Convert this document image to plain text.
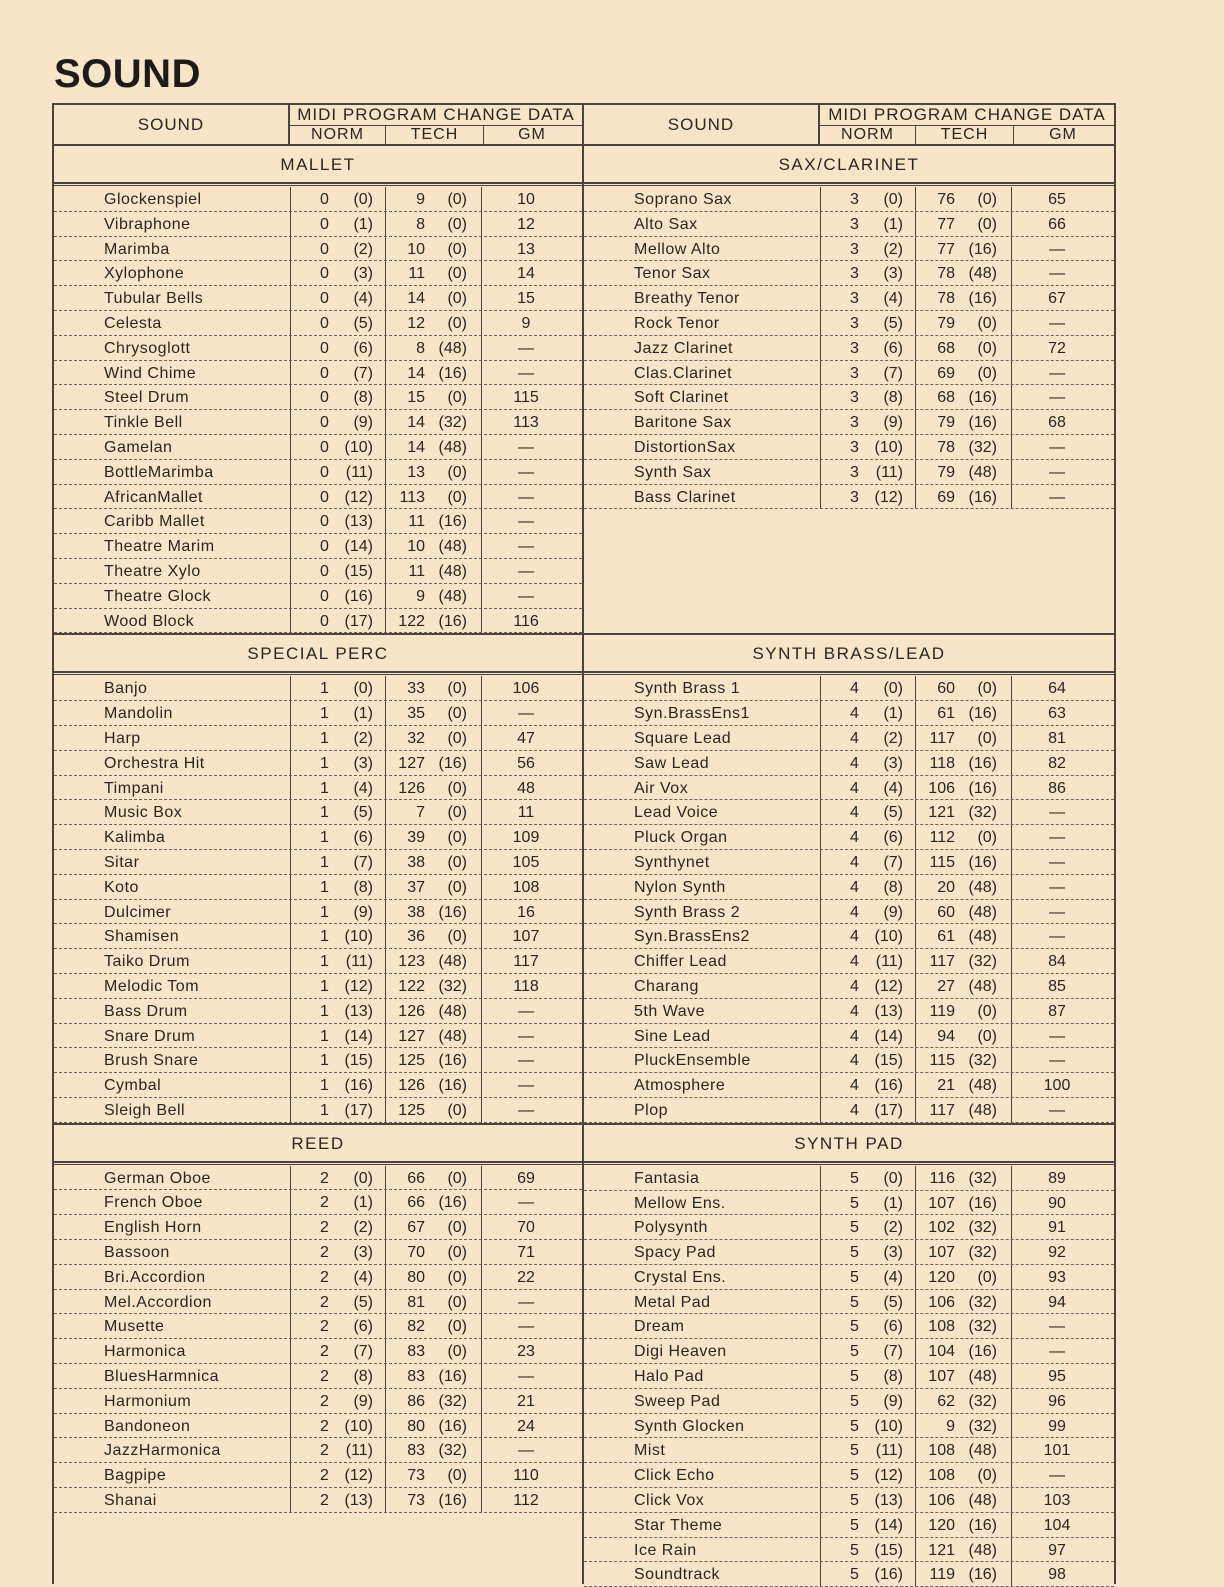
SOUND
SOUND	MIDI PROGRAM CHANGE DATA
NORM	TECH	GM
MALLET
Glockenspiel	0 (0)	9 (0)	10
Vibraphone	0 (1)	8 (0)	12
Marimba	0 (2) 10 (0)	13
Xylophone	0 (3) 11 (0)	14
Tubular Bells	0 (4) 14 (0)	15
Celesta	0 (5) 12 (0)	9
Chrysoglott	0 (6)	8 (48)	—
Wind Chime	0 (7) 14 (16)	—
Steel Drum	0 (8) 15 (0)	115
Tinkle Bell	0 (9) 14 (32)	113
Gamelan	0 (10) 14 (48)	—
BottleMarimba	0 (11) 13 (0)	—
AfricanMallet	0 (12) 113 (0)	—
Caribb Mallet	0 (13) 11 (16)	—
Theatre Marim	0 (14) 10 (48)	—
Theatre Xylo	0 (15) 11 (48)	—
Theatre Glock	0 (16)	9 (48)	—
Wood Block	0 (17) 122 (16)	116
SPECIAL PERC
Banjo	1 (0) 33 (0)	106
Mandolin	1 (1) 35 (0)	—
Harp	1 (2) 32 (0)	47
Orchestra Hit	1 (3) 127 (16)	56
Timpani	1 (4) 126 (0)	48
Music Box	1 (5)	7 (0)	11
Kalimba	1 (6) 39 (0)	109
Sitar	1 (7) 38 (0)	105
Koto	1 (8) 37 (0)	108
Dulcimer	1 (9) 38 (16)	16
Shamisen	1 (10) 36 (0)	107
Taiko Drum	1 (11) 123 (48)	117
Melodic Tom	1 (12) 122 (32)	118
Bass Drum	1 (13) 126 (48)	—
Snare Drum	1 (14) 127 (48)	—
Brush Snare	1 (15) 125 (16)	—
Cymbal	1 (16) 126 (16)	—
Sleigh Bell	1 (17) 125 (0)	—
REED
German Oboe	2 (0) 66 (0)	69
French Oboe	2 (1) 66 (16)	—
English Horn	2 (2) 67 (0)	70
Bassoon	2 (3) 70 (0)	71
Bri.Accordion	2 (4) 80 (0)	22
Mel.Accordion	2 (5) 81 (0)	—
Musette	2 (6) 82 (0)	—
Harmonica	2 (7) 83 (0)	23
BluesHarmnica	2 (8) 83 (16)	—
Harmonium	2 (9) 86 (32)	21
Bandoneon	2 (10) 80 (16)	24
JazzHarmonica	2 (11) 83 (32)	—
Bagpipe	2 (12) 73 (0)	110
Shanai	2 (13) 73 (16)	112
SOUND	MIDI PROGRAM CHANGE DATA
NORM	TECH	GM
SAX/CLARINET
Soprano Sax	3 (0) 76 (0)	65
Alto Sax	3 (1) 77 (0)	66
Mellow Alto	3 (2) 77 (16)	—
Tenor Sax	3 (3) 78 (48)	—
Breathy Tenor	3 (4) 78 (16)	67
Rock Tenor	3 (5) 79 (0)	—
Jazz Clarinet	3 (6) 68 (0)	72
Clas.Clarinet	3 (7) 69 (0)	—
Soft Clarinet	3 (8) 68 (16)	—
Baritone Sax	3 (9) 79 (16)	68
DistortionSax	3 (10) 78 (32)	—
Synth Sax	3 (11) 79 (48)	—
Bass Clarinet	3 (12) 69 (16)	—
SYNTH BRASS/LEAD
Synth Brass 1	4 (0) 60 (0)	64
Syn.BrassEns1	4 (1) 61 (16)	63
Square Lead	4 (2) 117 (0)	81
Saw Lead	4 (3) 118 (16)	82
Air Vox	4 (4) 106 (16)	86
Lead Voice	4 (5) 121 (32)	—
Pluck Organ	4 (6) 112 (0)	—
Synthynet	4 (7) 115 (16)	—
Nylon Synth	4 (8) 20 (48)	—
Synth Brass 2	4 (9) 60 (48)	—
Syn.BrassEns2	4 (10) 61 (48)	—
Chiffer Lead	4 (11) 117 (32)	84
Charang	4 (12) 27 (48)	85
5th Wave	4 (13) 119 (0)	87
Sine Lead	4 (14) 94 (0)	—
PluckEnsemble	4 (15) 115 (32)	—
Atmosphere	4 (16) 21 (48)	100
Plop	4 (17) 117 (48)	—
SYNTH PAD
Fantasia	5 (0) 116 (32)	89
Mellow Ens.	5 (1) 107 (16)	90
Polysynth	5 (2) 102 (32)	91
Spacy Pad	5 (3) 107 (32)	92
Crystal Ens.	5 (4) 120 (0)	93
Metal Pad	5 (5) 106 (32)	94
Dream	5 (6) 108 (32)	—
Digi Heaven	5 (7) 104 (16)	—
Halo Pad	5 (8) 107 (48)	95
Sweep Pad	5 (9) 62 (32)	96
Synth Glocken	5 (10)	9 (32)	99
Mist	5 (11) 108 (48)	101
Click Echo	5 (12) 108 (0)	—
Click Vox	5 (13) 106 (48)	103
Star Theme	5 (14) 120 (16)	104
Ice Rain	5 (15) 121 (48)	97
Soundtrack	5 (16) 119 (16)	98
